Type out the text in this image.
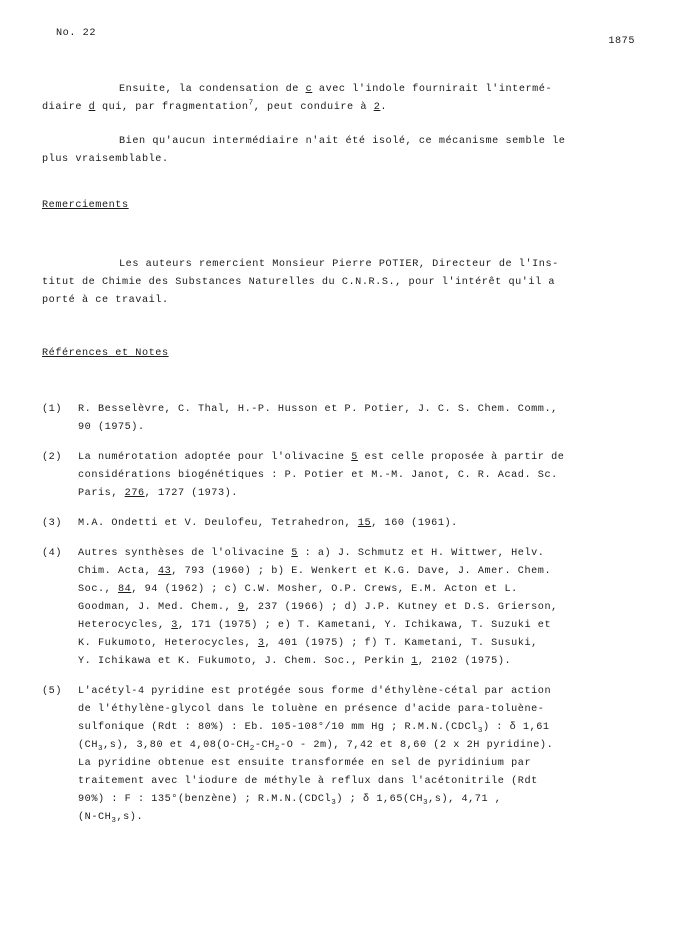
No. 22
1875
Ensuite, la condensation de c avec l'indole fournirait l'intermé-
diaire d qui, par fragmentation$^7$, peut conduire à 2.
Bien qu'aucun intermédiaire n'ait été isolé, ce mécanisme semble le
plus vraisemblable.
Remerciements
Les auteurs remercient Monsieur Pierre POTIER, Directeur de l'Ins-
titut de Chimie des Substances Naturelles du C.N.R.S., pour l'intérêt qu'il a
porté à ce travail.
Références et Notes
(1)	R. Besselèvre, C. Thal, H.-P. Husson et P. Potier, J. C. S. Chem. Comm.,
90 (1975).
(2)	La numérotation adoptée pour l'olivacine 5 est celle proposée à partir de
considérations biogénétiques : P. Potier et M.-M. Janot, C. R. Acad. Sc.
Paris, 276, 1727 (1973).
(3)	M.A. Ondetti et V. Deulofeu, Tetrahedron, 15, 160 (1961).
(4)	Autres synthèses de l'olivacine 5 : a) J. Schmutz et H. Wittwer, Helv.
Chim. Acta, 43, 793 (1960) ; b) E. Wenkert et K.G. Dave, J. Amer. Chem.
Soc., 84, 94 (1962) ; c) C.W. Mosher, O.P. Crews, E.M. Acton et L.
Goodman, J. Med. Chem., 9, 237 (1966) ; d) J.P. Kutney et D.S. Grierson,
Heterocycles, 3, 171 (1975) ; e) T. Kametani, Y. Ichikawa, T. Suzuki et
K. Fukumoto, Heterocycles, 3, 401 (1975) ; f) T. Kametani, T. Susuki,
Y. Ichikawa et K. Fukumoto, J. Chem. Soc., Perkin 1, 2102 (1975).
(5)	L'acétyl-4 pyridine est protégée sous forme d'éthylène-cétal par action
de l'éthylène-glycol dans le toluène en présence d'acide para-toluène-
sulfonique (Rdt : 80%) : Eb. 105-108°/10 mm Hg ; R.M.N.(CDCl$_3$) : δ 1,61
$(CH_3,s)$, 3,80 et $4,08(O-CH_2-CH_2-O - 2m)$, 7,42 et 8,60 (2 x 2H pyridine).
La pyridine obtenue est ensuite transformée en sel de pyridinium par
traitement avec l'iodure de méthyle à reflux dans l'acétonitrile (Rdt
90%) : F : 135°(benzène) ; R.M.N.(CDCl$_3$) ; δ $1,65(CH_3,s)$, 4,71 ,
$(N-CH_3,s)$.
